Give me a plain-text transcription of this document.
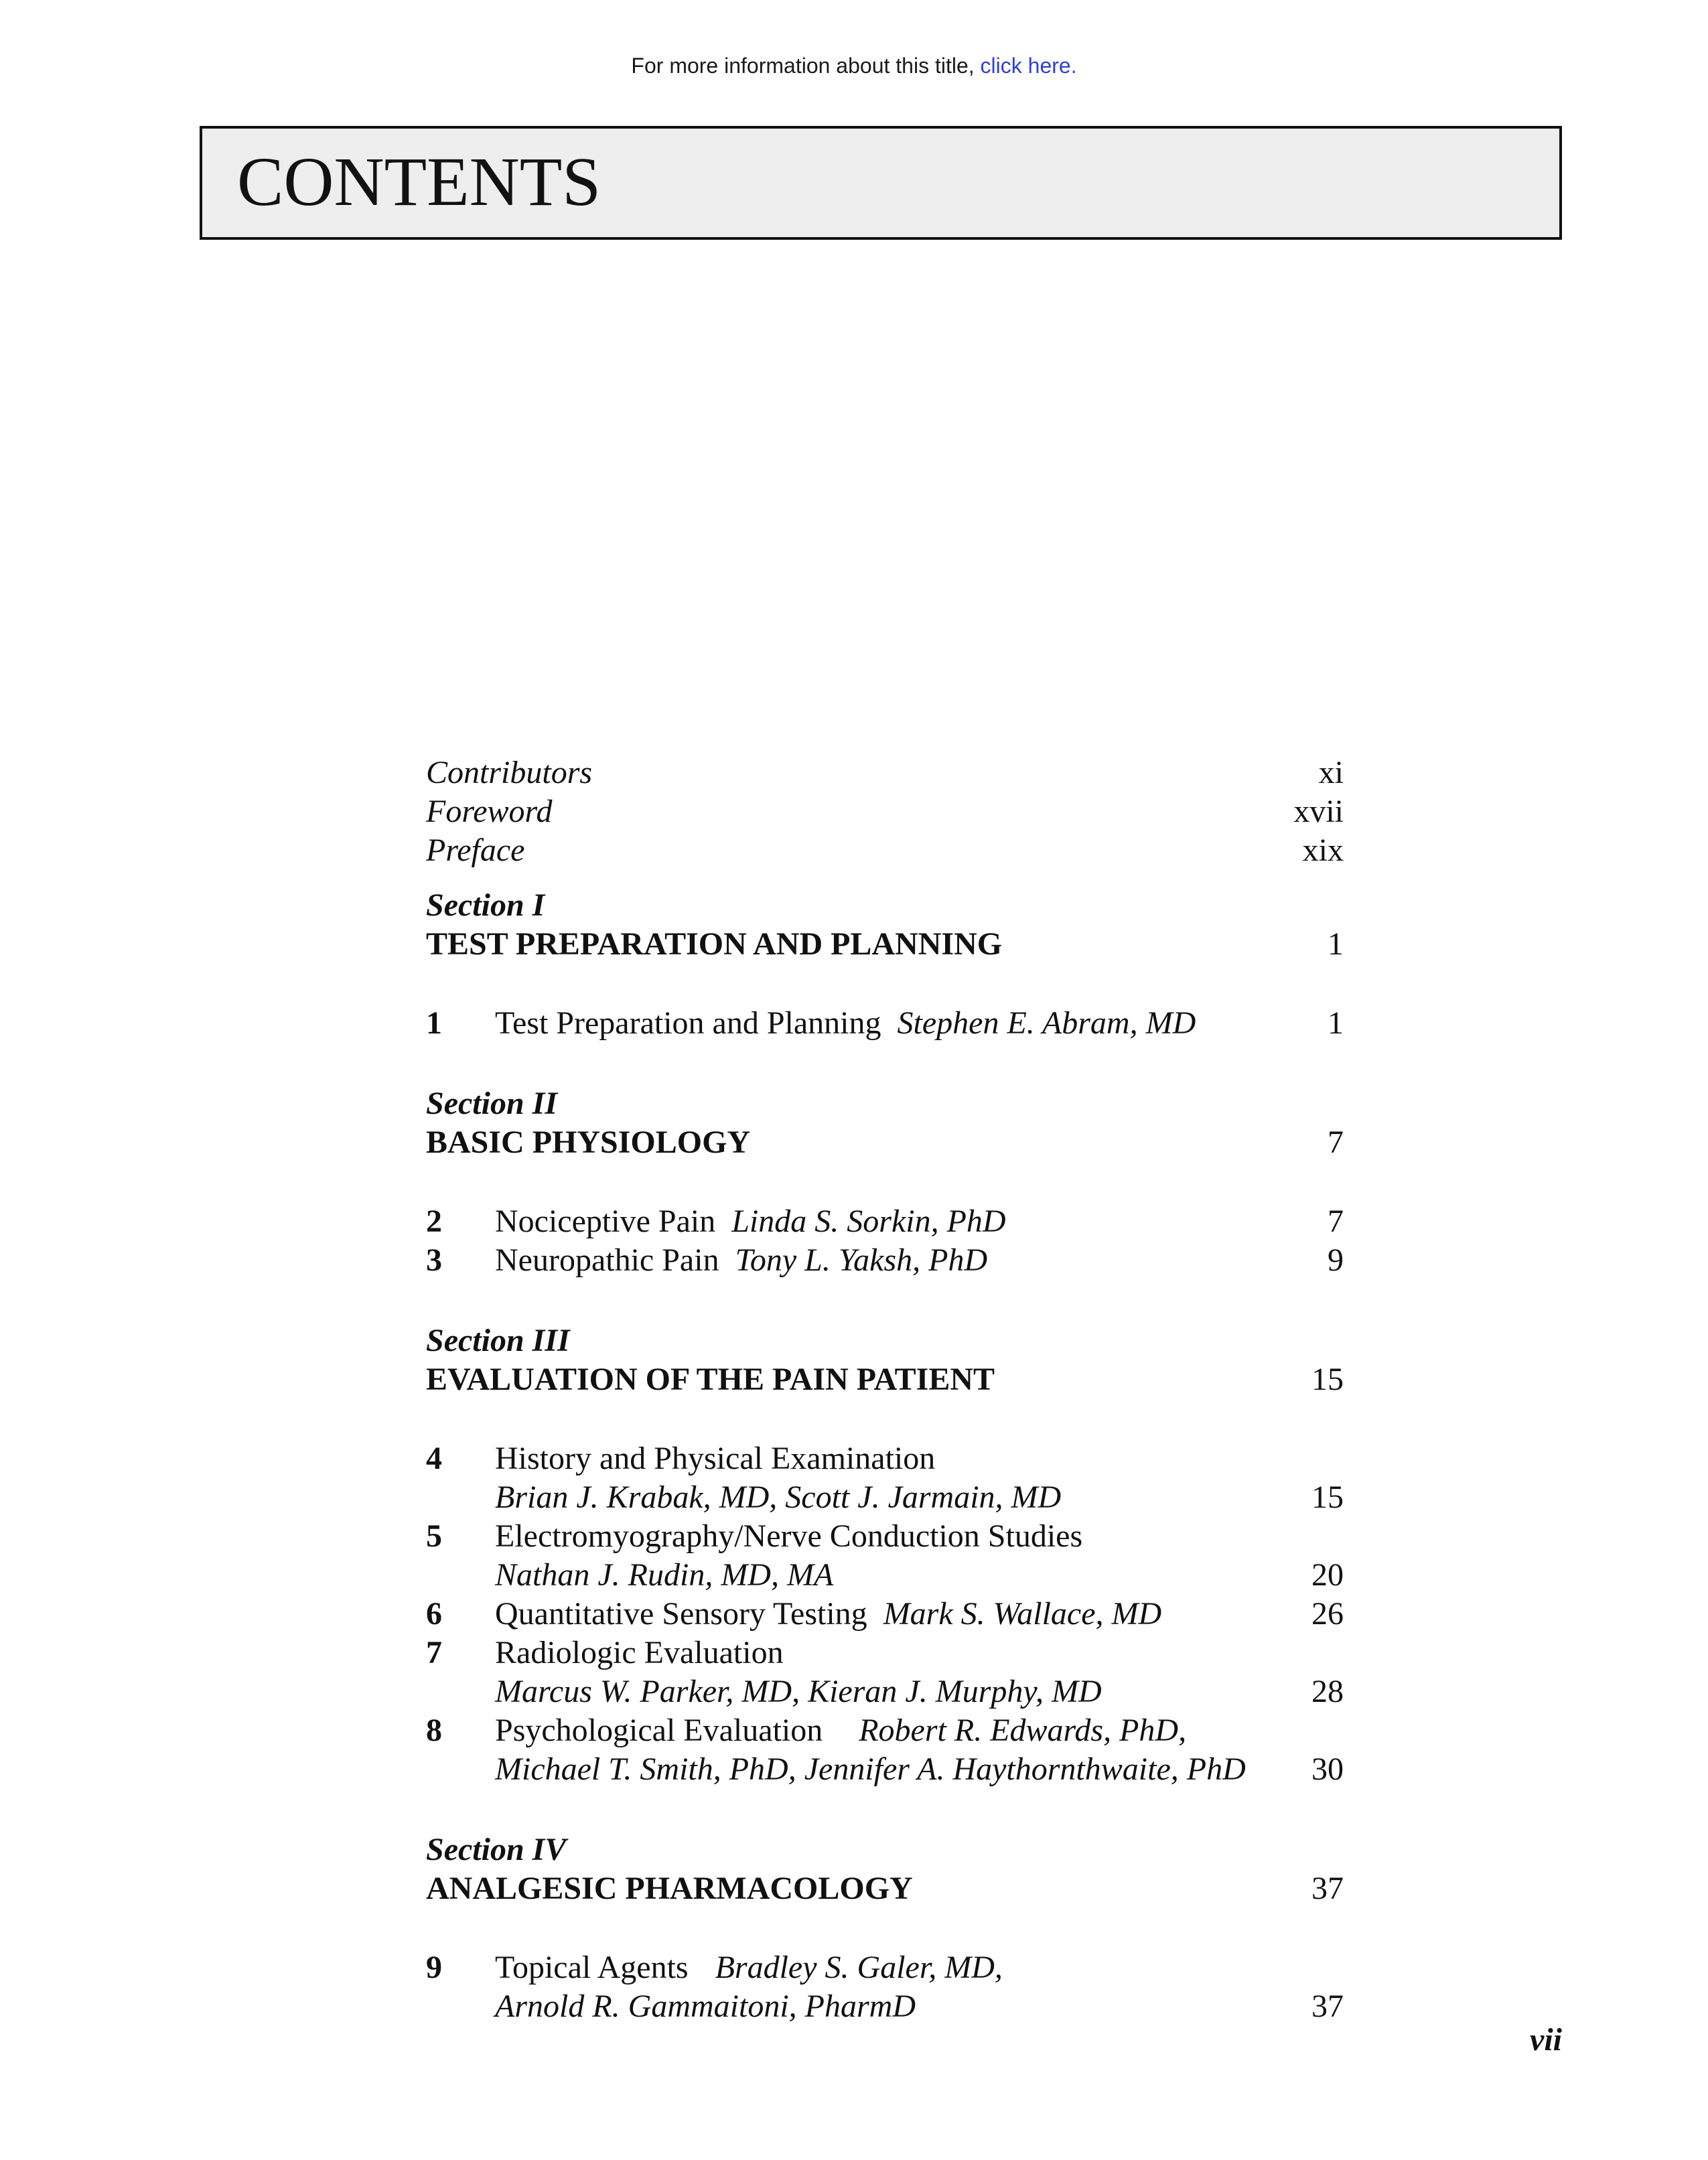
For more information about this title, click here.
CONTENTS
Contributors	xi
Foreword	xvii
Preface	xix
Section I
TEST PREPARATION AND PLANNING	1
1 Test Preparation and Planning Stephen E. Abram, MD	1
Section II
BASIC PHYSIOLOGY	7
2 Nociceptive Pain Linda S. Sorkin, PhD	7
3 Neuropathic Pain Tony L. Yaksh, PhD	9
Section III
EVALUATION OF THE PAIN PATIENT	15
4 History and Physical Examination
Brian J. Krabak, MD, Scott J. Jarmain, MD	15
5 Electromyography/Nerve Conduction Studies
Nathan J. Rudin, MD, MA	20
6 Quantitative Sensory Testing Mark S. Wallace, MD	26
7 Radiologic Evaluation
Marcus W. Parker, MD, Kieran J. Murphy, MD	28
8 Psychological Evaluation Robert R. Edwards, PhD,
Michael T. Smith, PhD, Jennifer A. Haythornthwaite, PhD 30
Section IV
ANALGESIC PHARMACOLOGY	37
9 Topical Agents Bradley S. Galer, MD,
Arnold R. Gammaitoni, PharmD	37
vii
